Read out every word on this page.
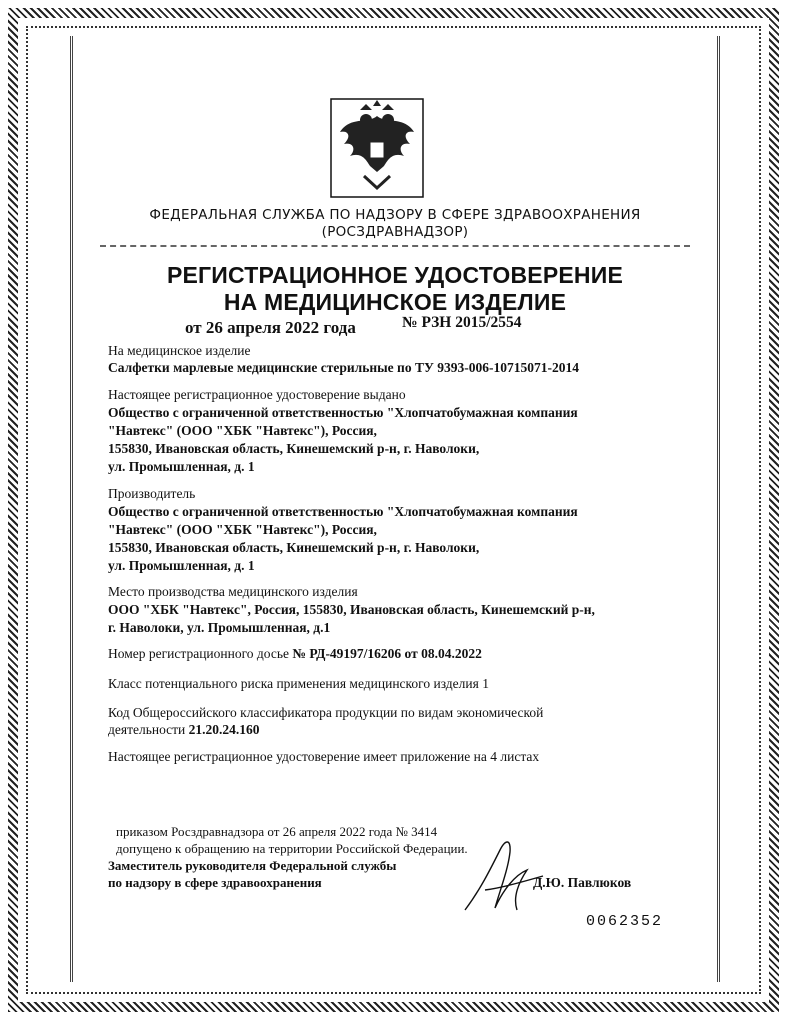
ФЕДЕРАЛЬНАЯ СЛУЖБА ПО НАДЗОРУ В СФЕРЕ ЗДРАВООХРАНЕНИЯ
(РОСЗДРАВНАДЗОР)
РЕГИСТРАЦИОННОЕ УДОСТОВЕРЕНИЕ
НА МЕДИЦИНСКОЕ ИЗДЕЛИЕ
от 26 апреля 2022 года	№ РЗН 2015/2554
На медицинское изделие
Салфетки марлевые медицинские стерильные по ТУ 9393-006-10715071-2014
Настоящее регистрационное удостоверение выдано
Общество с ограниченной ответственностью "Хлопчатобумажная компания
"Навтекс" (ООО "ХБК "Навтекс"), Россия,
155830, Ивановская область, Кинешемский р-н, г. Наволоки,
ул. Промышленная, д. 1
Производитель
Общество с ограниченной ответственностью "Хлопчатобумажная компания
"Навтекс" (ООО "ХБК "Навтекс"), Россия,
155830, Ивановская область, Кинешемский р-н, г. Наволоки,
ул. Промышленная, д. 1
Место производства медицинского изделия
ООО "ХБК "Навтекс", Россия, 155830, Ивановская область, Кинешемский р-н,
г. Наволоки, ул. Промышленная, д.1
Номер регистрационного досье № РД-49197/16206 от 08.04.2022
Класс потенциального риска применения медицинского изделия 1
Код Общероссийского классификатора продукции по видам экономической
деятельности 21.20.24.160
Настоящее регистрационное удостоверение имеет приложение на 4 листах
приказом Росздравнадзора от 26 апреля 2022 года № 3414
допущено к обращению на территории Российской Федерации.
Заместитель руководителя Федеральной службы
по надзору в сфере здравоохранения	Д.Ю. Павлюков
0062352
